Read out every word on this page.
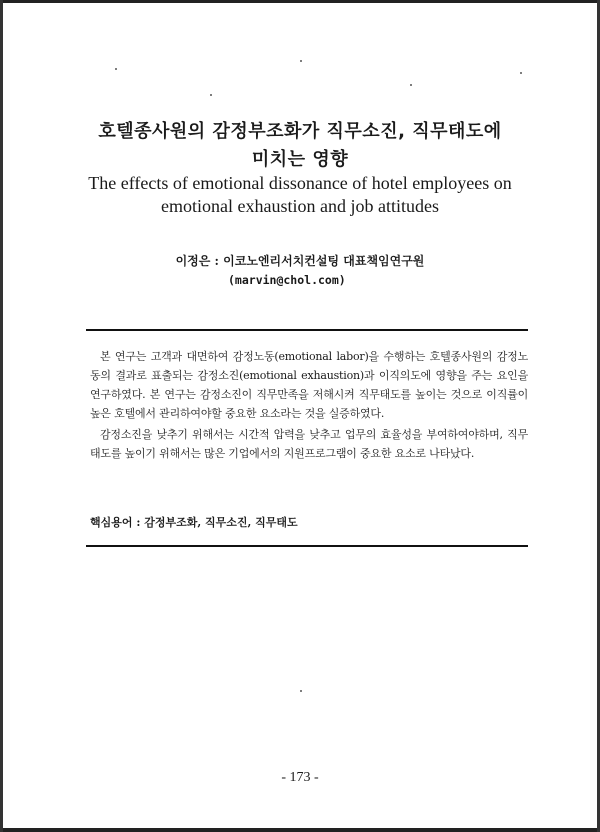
호텔종사원의 감정부조화가 직무소진, 직무태도에
미치는 영향
The effects of emotional dissonance of hotel employees on
emotional exhaustion and job attitudes
이정은 : 이코노엔리서치컨설팅 대표책임연구원
(marvin@chol.com)

본 연구는 고객과 대면하여 감정노동(emotional labor)을 수행하는 호텔종사원의 감정노동의 결과로 표출되는 감정소진(emotional exhaustion)과 이직의도에 영향을 주는 요인을 연구하였다. 본 연구는 감정소진이 직무만족을 저해시켜 직무태도를 높이는 것으로 이직률이 높은 호텔에서 관리하여야할 중요한 요소라는 것을 실증하였다.

감정소진을 낮추기 위해서는 시간적 압력을 낮추고 업무의 효율성을 부여하여야하며, 직무태도를 높이기 위해서는 많은 기업에서의 지원프로그램이 중요한 요소로 나타났다.

핵심용어 : 감정부조화, 직무소진, 직무태도
- 173 -
